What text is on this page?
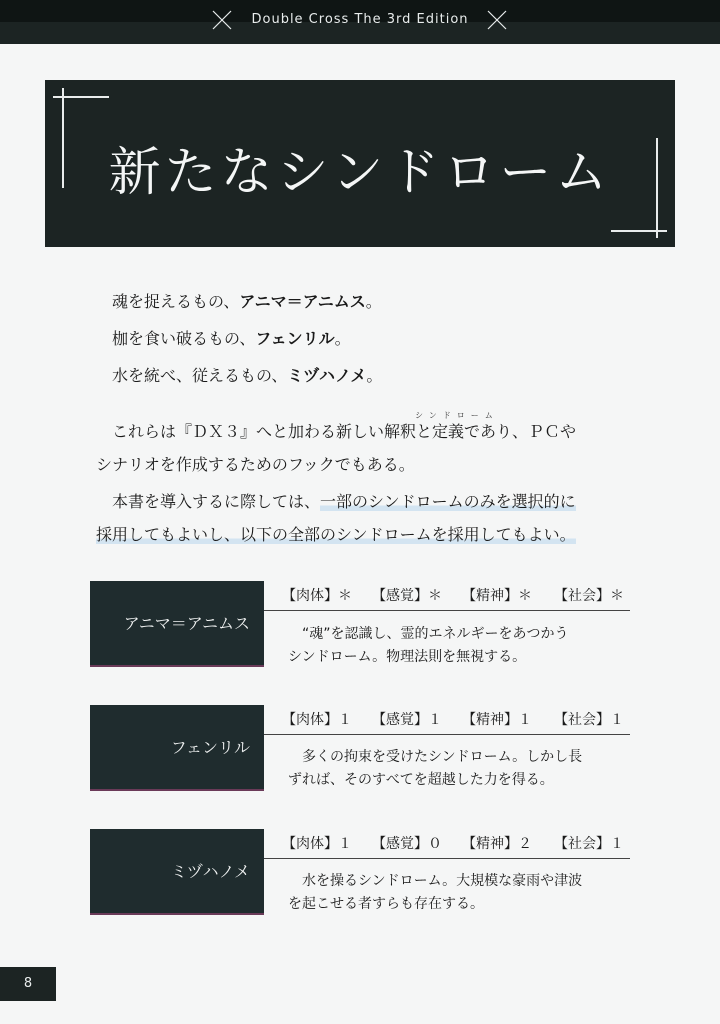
Double Cross The 3rd Edition
新たなシンドローム
魂を捉えるもの、アニマ＝アニムス。
枷を食い破るもの、フェンリル。
水を統べ、従えるもの、ミヅハノメ。
シンドローム
　これらは『ＤＸ３』へと加わる新しい解釈と定義であり、ＰＣや
シナリオを作成するためのフックでもある。
　本書を導入するに際しては、一部のシンドロームのみを選択的に
採用してもよいし、以下の全部のシンドロームを採用してもよい。
アニマ＝アニムス
【肉体】＊ 【感覚】＊ 【精神】＊ 【社会】＊
　“魂”を認識し、霊的エネルギーをあつかう
シンドローム。物理法則を無視する。
フェンリル
【肉体】１ 【感覚】１ 【精神】１ 【社会】１
　多くの拘束を受けたシンドローム。しかし長
ずれば、そのすべてを超越した力を得る。
ミヅハノメ
【肉体】１ 【感覚】０ 【精神】２ 【社会】１
　水を操るシンドローム。大規模な豪雨や津波
を起こせる者すらも存在する。
8
